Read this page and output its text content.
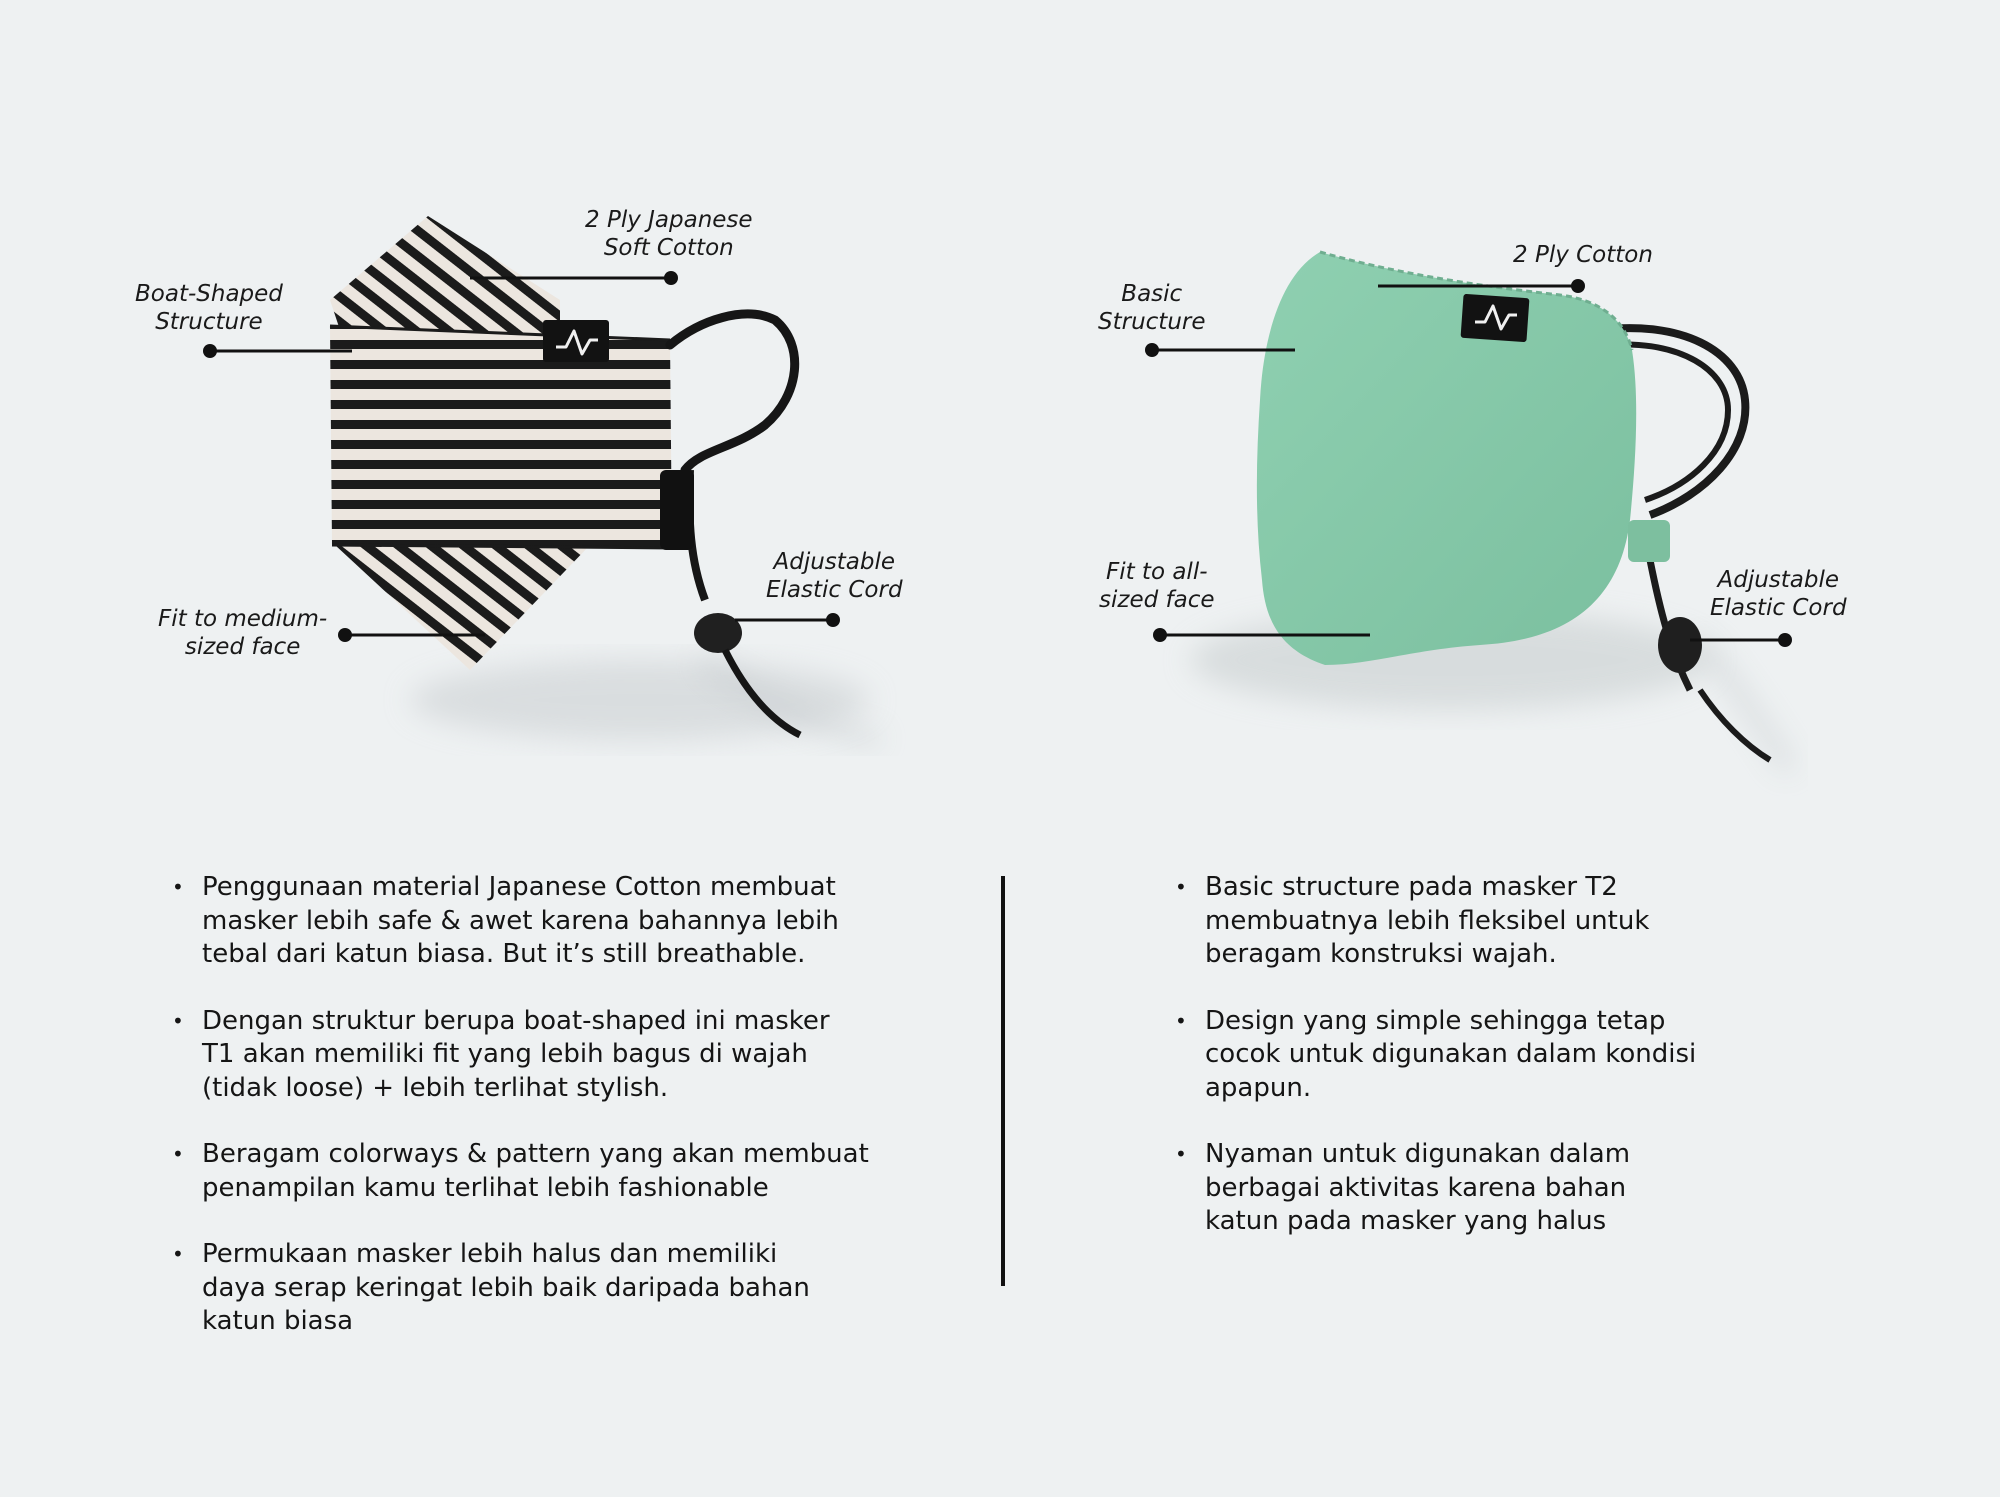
2 Ply Japanese
Soft Cotton
Boat-Shaped
Structure
Fit to medium-
sized face
Adjustable
Elastic Cord
2 Ply Cotton
Basic
Structure
Fit to all-
sized face
Adjustable
Elastic Cord
• Penggunaan material Japanese Cotton membuat
masker lebih safe & awet karena bahannya lebih
tebal dari katun biasa. But it’s still breathable.
• Dengan struktur berupa boat-shaped ini masker
T1 akan memiliki fit yang lebih bagus di wajah
(tidak loose) + lebih terlihat stylish.
• Beragam colorways & pattern yang akan membuat
penampilan kamu terlihat lebih fashionable
• Permukaan masker lebih halus dan memiliki
daya serap keringat lebih baik daripada bahan
katun biasa
• Basic structure pada masker T2
membuatnya lebih fleksibel untuk
beragam konstruksi wajah.
• Design yang simple sehingga tetap
cocok untuk digunakan dalam kondisi
apapun.
• Nyaman untuk digunakan dalam
berbagai aktivitas karena bahan
katun pada masker yang halus
